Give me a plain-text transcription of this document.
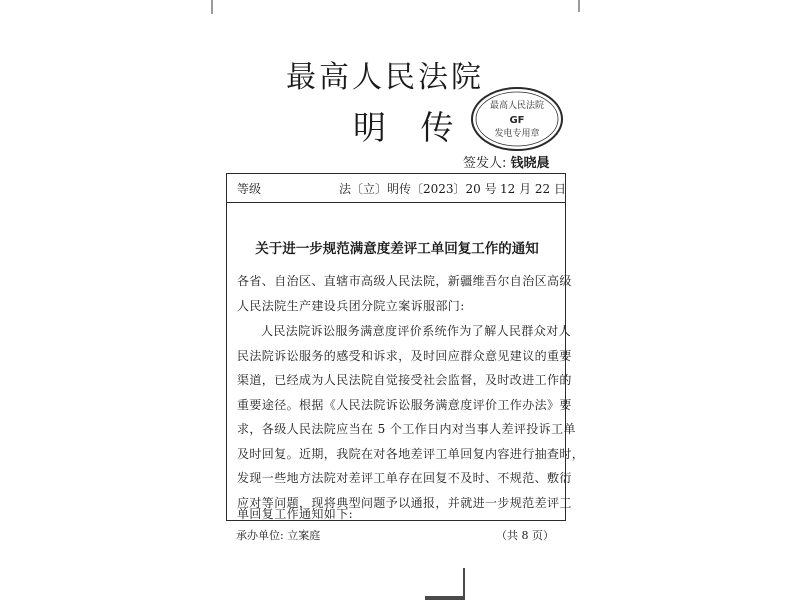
最高人民法院
明 传
最高人民法院
GF
发电专用章
签发人: 钱晓晨
等级	法〔立〕明传〔2023〕20 号 12 月 22 日
关于进一步规范满意度差评工单回复工作的通知
各省、自治区、直辖市高级人民法院，新疆维吾尔自治区高级
人民法院生产建设兵团分院立案诉服部门:
人民法院诉讼服务满意度评价系统作为了解人民群众对人
民法院诉讼服务的感受和诉求，及时回应群众意见建议的重要
渠道，已经成为人民法院自觉接受社会监督，及时改进工作的
重要途径。根据《人民法院诉讼服务满意度评价工作办法》要
求，各级人民法院应当在 5 个工作日内对当事人差评投诉工单
及时回复。近期，我院在对各地差评工单回复内容进行抽查时，
发现一些地方法院对差评工单存在回复不及时、不规范、敷衍
应对等问题，现将典型问题予以通报，并就进一步规范差评工
承办单位: 立案庭	（共 8 页）
单回复工作通知如下:
